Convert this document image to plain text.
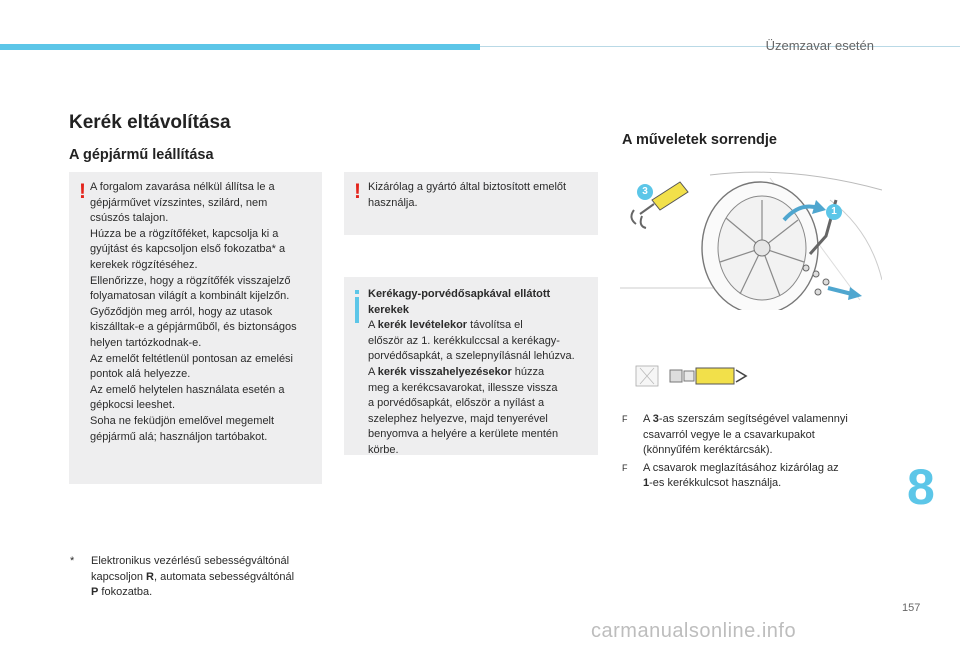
Üzemzavar esetén
Kerék eltávolítása
A gépjármű leállítása
! A forgalom zavarása nélkül állítsa le a

gépjárművet vízszintes, szilárd, nem

csúszós talajon.

Húzza be a rögzítőféket, kapcsolja ki a

gyújtást és kapcsoljon első fokozatba* a

kerekek rögzítéséhez.

Ellenőrizze, hogy a rögzítőfék visszajelző

folyamatosan világít a kombinált kijelzőn.

Győződjön meg arról, hogy az utasok

kiszálltak-e a gépjárműből, és biztonságos

helyen tartózkodnak-e.

Az emelőt feltétlenül pontosan az emelési

pontok alá helyezze.

Az emelő helytelen használata esetén a

gépkocsi leeshet.

Soha ne feküdjön emelővel megemelt

gépjármű alá; használjon tartóbakot.

! Kizárólag a gyártó által biztosított emelőt

használja.

Kerékagy-porvédősapkával ellátott
kerekek

A kerék levételekor távolítsa el
először az 1. kerékkulccsal a kerékagy-
porvédősapkát, a szelepnyílásnál lehúzva.
A kerék visszahelyezésekor húzza
meg a kerékcsavarokat, illessze vissza
a porvédősapkát, először a nyílást a
szelephez helyezve, majd tenyerével
benyomva a helyére a kerülete mentén
körbe.

* Elektronikus vezérlésű sebességváltónál
kapcsoljon R, automata sebességváltónál
P fokozatba.
A műveletek sorrendje
3
1
F A 3-as szerszám segítségével valamennyi
csavarról vegye le a csavarkupakot
(könnyűfém keréktárcsák).
F A csavarok meglazításához kizárólag az
1-es kerékkulcsot használja.	8
157
carmanualsonline.info
